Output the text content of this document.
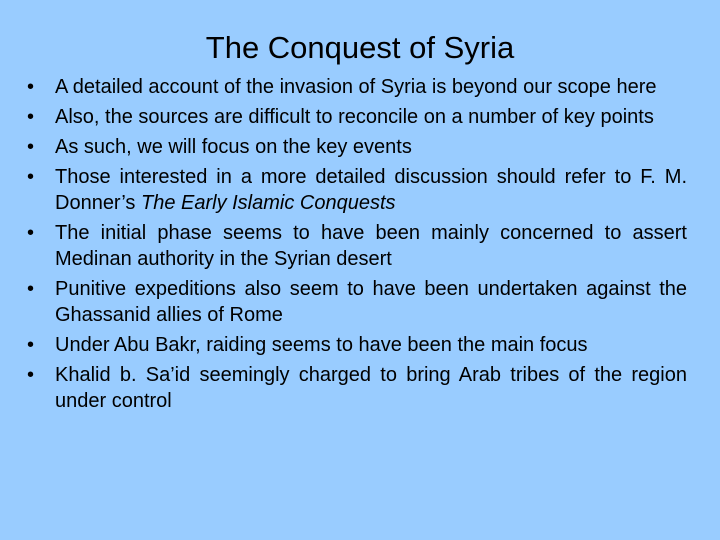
The Conquest of Syria
•	A detailed account of the invasion of Syria is beyond our scope here
•	Also, the sources are difficult to reconcile on a number of key points
•	As such, we will focus on the key events
•	Those interested in a more detailed discussion should refer to F. M. Donner’s The Early Islamic Conquests
•	The initial phase seems to have been mainly concerned to assert Medinan authority in the Syrian desert
•	Punitive expeditions also seem to have been undertaken against the Ghassanid allies of Rome
•	Under Abu Bakr, raiding seems to have been the main focus
•	Khalid b. Sa’id seemingly charged to bring Arab tribes of the region under control
